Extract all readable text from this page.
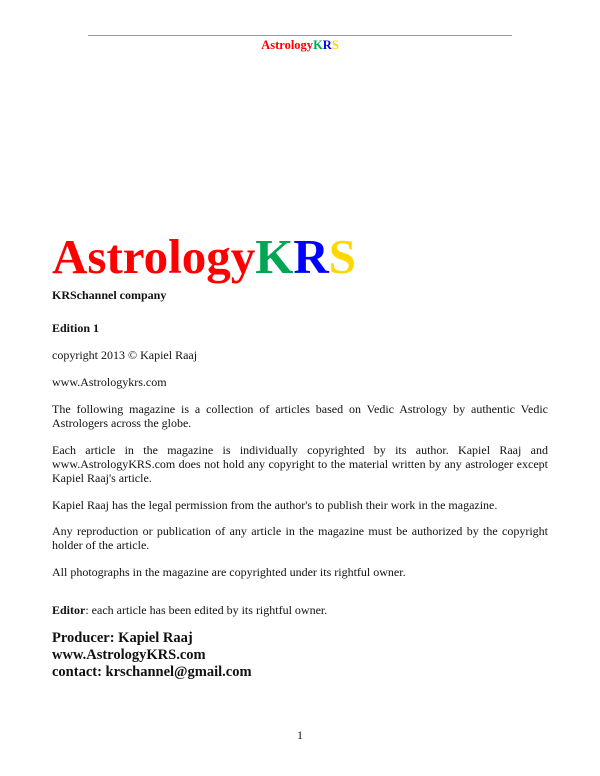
AstrologyKRS
AstrologyKRS
KRSchannel company
Edition 1
copyright 2013 © Kapiel Raaj
www.Astrologykrs.com
The following magazine is a collection of articles based on Vedic Astrology by authentic Vedic Astrologers across the globe.
Each article in the magazine is individually copyrighted by its author. Kapiel Raaj and www.AstrologyKRS.com does not hold any copyright to the material written by any astrologer except Kapiel Raaj's article.
Kapiel Raaj has the legal permission from the author's to publish their work in the magazine.
Any reproduction or publication of any article in the magazine must be authorized by the copyright holder of the article.
All photographs in the magazine are copyrighted under its rightful owner.
Editor: each article has been edited by its rightful owner.
Producer: Kapiel Raaj
www.AstrologyKRS.com
contact: krschannel@gmail.com
1
